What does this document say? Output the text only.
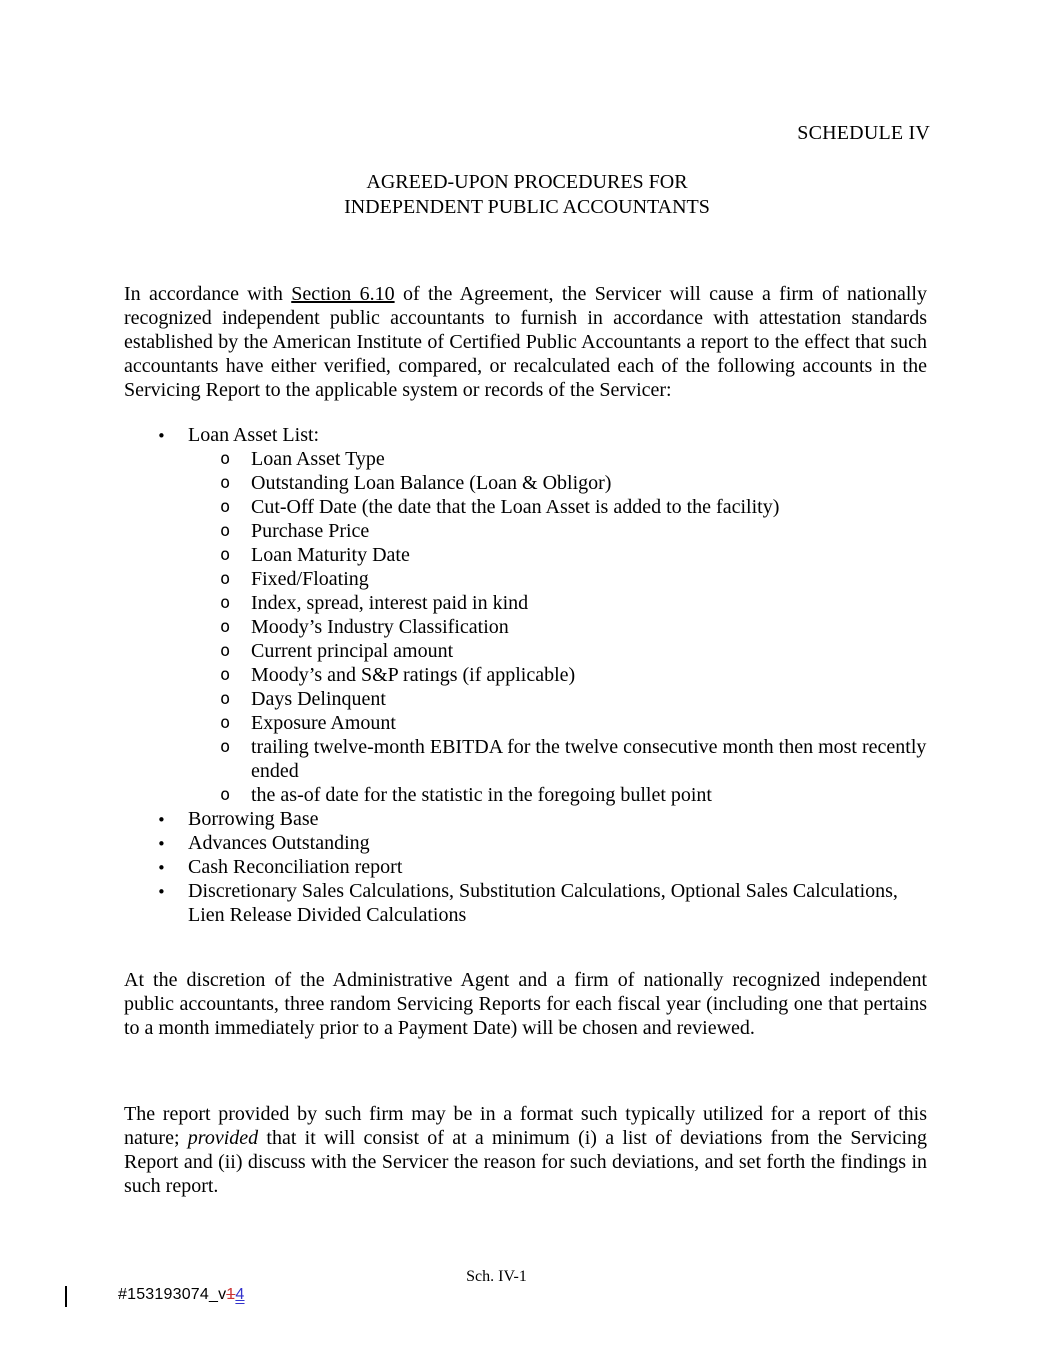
SCHEDULE IV
AGREED-UPON PROCEDURES FOR
INDEPENDENT PUBLIC ACCOUNTANTS
In accordance with Section 6.10 of the Agreement, the Servicer will cause a firm of nationally recognized independent public accountants to furnish in accordance with attestation standards established by the American Institute of Certified Public Accountants a report to the effect that such accountants have either verified, compared, or recalculated each of the following accounts in the Servicing Report to the applicable system or records of the Servicer:
• Loan Asset List:
o Loan Asset Type
o Outstanding Loan Balance (Loan & Obligor)
o Cut-Off Date (the date that the Loan Asset is added to the facility)
o Purchase Price
o Loan Maturity Date
o Fixed/Floating
o Index, spread, interest paid in kind
o Moody’s Industry Classification
o Current principal amount
o Moody’s and S&P ratings (if applicable)
o Days Delinquent
o Exposure Amount
o trailing twelve-month EBITDA for the twelve consecutive month then most recently ended
o the as-of date for the statistic in the foregoing bullet point
• Borrowing Base
• Advances Outstanding
• Cash Reconciliation report
• Discretionary Sales Calculations, Substitution Calculations, Optional Sales Calculations, Lien Release Divided Calculations
At the discretion of the Administrative Agent and a firm of nationally recognized independent public accountants, three random Servicing Reports for each fiscal year (including one that pertains to a month immediately prior to a Payment Date) will be chosen and reviewed.
The report provided by such firm may be in a format such typically utilized for a report of this nature; provided that it will consist of at a minimum (i) a list of deviations from the Servicing Report and (ii) discuss with the Servicer the reason for such deviations, and set forth the findings in such report.
Sch. IV-1
#153193074_v14
